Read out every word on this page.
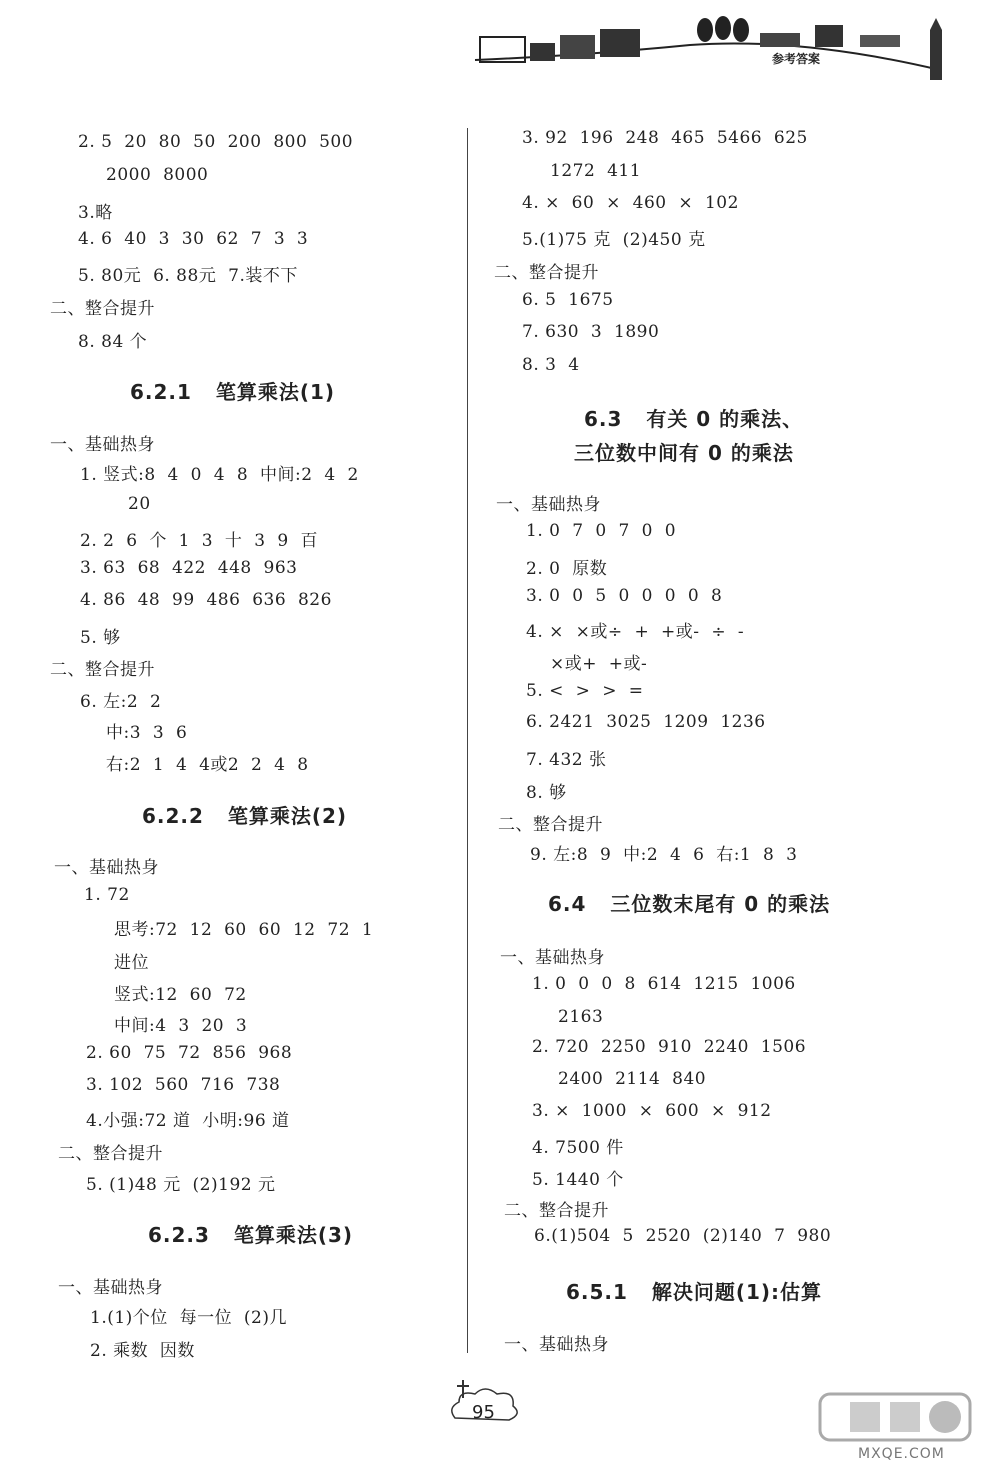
参考答案
2. 5  20  80  50  200  800  500
2000  8000
3.略
4. 6  40  3  30  62  7  3  3
5. 80元  6. 88元  7.装不下
二、整合提升
8. 84 个
6.2.1   笔算乘法(1)
一、基础热身
1. 竖式:8  4  0  4  8  中间:2  4  2
20
2. 2  6  个  1  3  十  3  9  百
3. 63  68  422  448  963
4. 86  48  99  486  636  826
5. 够
二、整合提升
6. 左:2  2
中:3  3  6
右:2  1  4  4或2  2  4  8
6.2.2   笔算乘法(2)
一、基础热身
1. 72
思考:72  12  60  60  12  72  1
进位
竖式:12  60  72
中间:4  3  20  3
2. 60  75  72  856  968
3. 102  560  716  738
4.小强:72 道  小明:96 道
二、整合提升
5. (1)48 元  (2)192 元
6.2.3   笔算乘法(3)
一、基础热身
1.(1)个位  每一位  (2)几
2. 乘数  因数
3. 92  196  248  465  5466  625
1272  411
4. ×  60  ×  460  ×  102
5.(1)75 克  (2)450 克
二、整合提升
6. 5  1675
7. 630  3  1890
8. 3  4
6.3   有关 0 的乘法、
三位数中间有 0 的乘法
一、基础热身
1. 0  7  0  7  0  0
2. 0  原数
3. 0  0  5  0  0  0  0  8
4. ×  ×或÷  +  +或-  ÷  -
×或+  +或-
5. <  >  >  =
6. 2421  3025  1209  1236
7. 432 张
8. 够
二、整合提升
9. 左:8  9  中:2  4  6  右:1  8  3
6.4   三位数末尾有 0 的乘法
一、基础热身
1. 0  0  0  8  614  1215  1006
2163
2. 720  2250  910  2240  1506
2400  2114  840
3. ×  1000  ×  600  ×  912
4. 7500 件
5. 1440 个
二、整合提升
6.(1)504  5  2520  (2)140  7  980
6.5.1   解决问题(1):估算
一、基础热身
95
MXQE.COM
